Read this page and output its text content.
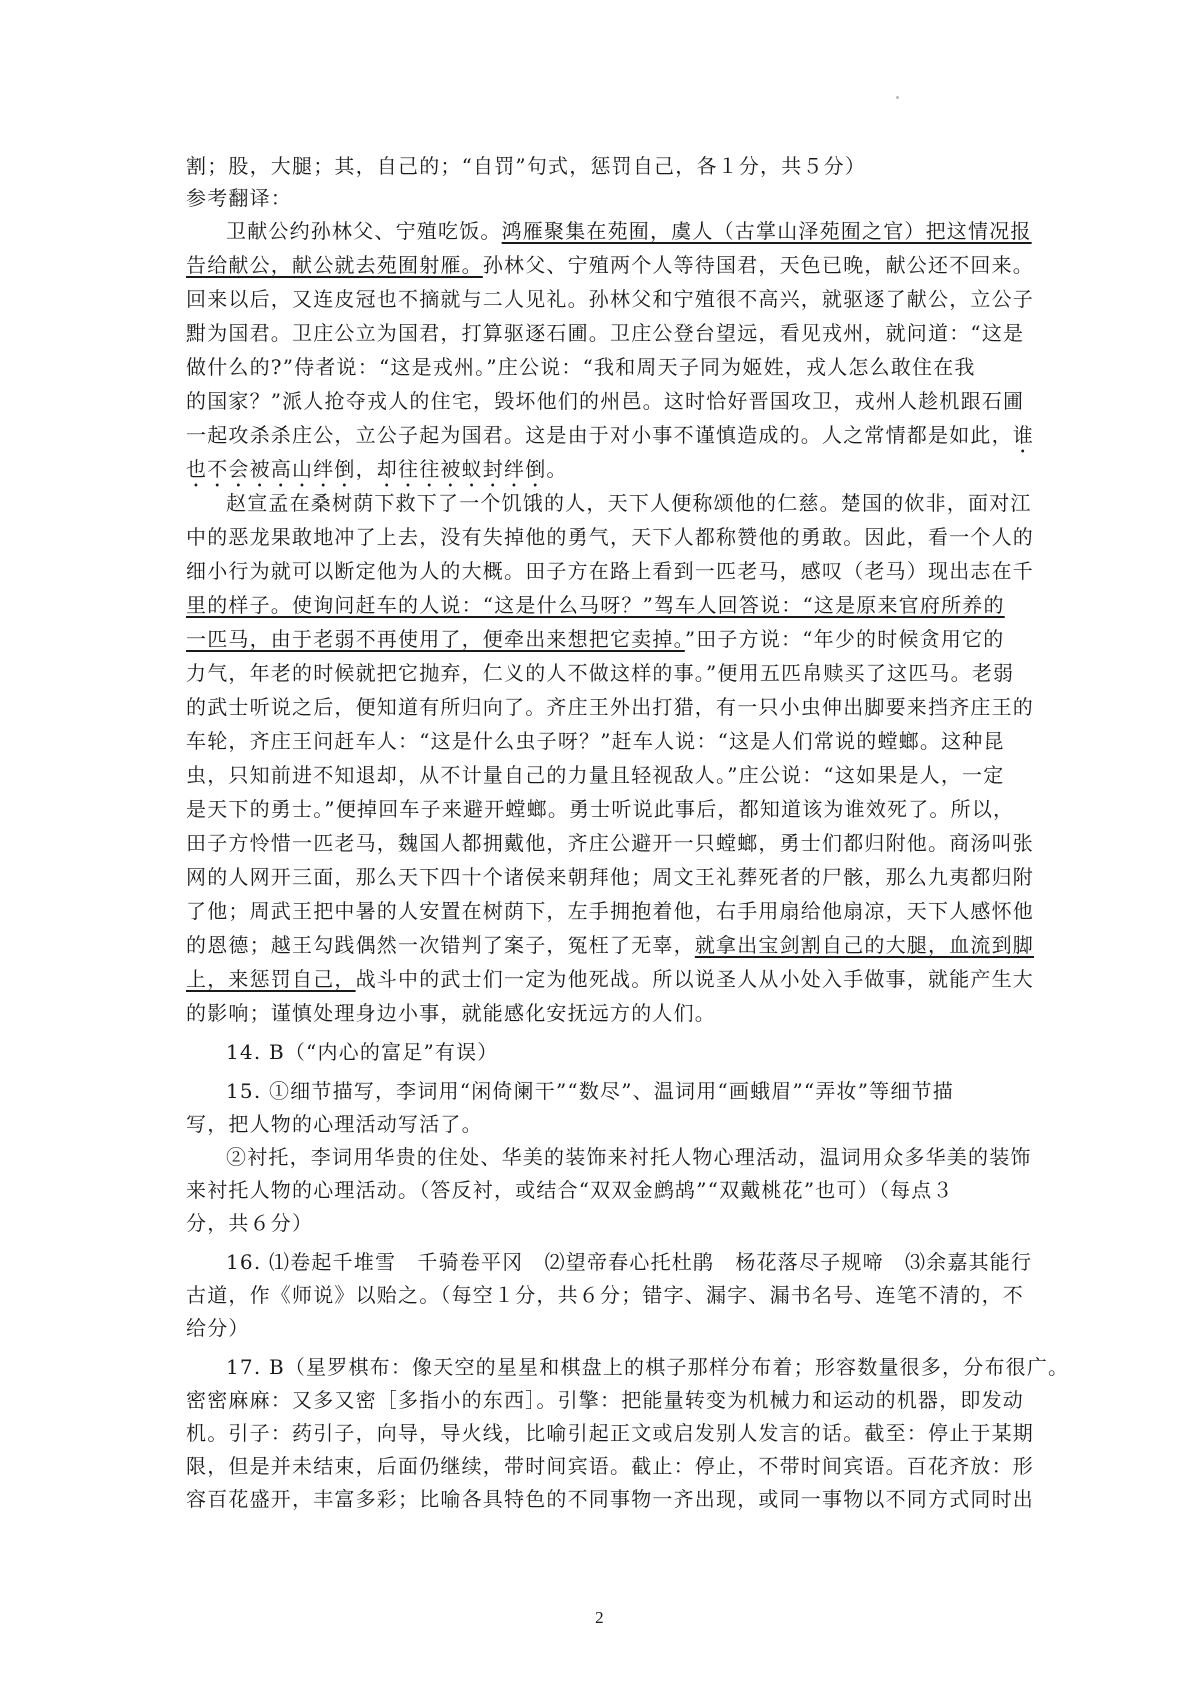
割；股，大腿；其，自己的；“自罚”句式，惩罚自己，各１分，共５分）
参考翻译：
卫献公约孙林父、宁殖吃饭。鸿雁聚集在苑囿，虞人（古掌山泽苑囿之官）把这情况报
告给献公，献公就去苑囿射雁。孙林父、宁殖两个人等待国君，天色已晚，献公还不回来。
回来以后，又连皮冠也不摘就与二人见礼。孙林父和宁殖很不高兴，就驱逐了献公，立公子
黚为国君。卫庄公立为国君，打算驱逐石圃。卫庄公登台望远，看见戎州，就问道：“这是
做什么的?”侍者说：“这是戎州。”庄公说：“我和周天子同为姬姓，戎人怎么敢住在我
的国家？”派人抢夺戎人的住宅，毁坏他们的州邑。这时恰好晋国攻卫，戎州人趁机跟石圃
一起攻杀杀庄公，立公子起为国君。这是由于对小事不谨慎造成的。人之常情都是如此，谁
也不会被高山绊倒，却往往被蚁封绊倒。
赵宣孟在桑树荫下救下了一个饥饿的人，天下人便称颂他的仁慈。楚国的佽非，面对江
中的恶龙果敢地冲了上去，没有失掉他的勇气，天下人都称赞他的勇敢。因此，看一个人的
细小行为就可以断定他为人的大概。田子方在路上看到一匹老马，感叹（老马）现出志在千
里的样子。使询问赶车的人说：“这是什么马呀？”驾车人回答说：“这是原来官府所养的
一匹马，由于老弱不再使用了，便牵出来想把它卖掉。”田子方说：“年少的时候贪用它的
力气，年老的时候就把它抛弃，仁义的人不做这样的事。”便用五匹帛赎买了这匹马。老弱
的武士听说之后，便知道有所归向了。齐庄王外出打猎，有一只小虫伸出脚要来挡齐庄王的
车轮，齐庄王问赶车人：“这是什么虫子呀？”赶车人说：“这是人们常说的螳螂。这种昆
虫，只知前进不知退却，从不计量自己的力量且轻视敌人。”庄公说：“这如果是人，一定
是天下的勇士。”便掉回车子来避开螳螂。勇士听说此事后，都知道该为谁效死了。所以，
田子方怜惜一匹老马，魏国人都拥戴他，齐庄公避开一只螳螂，勇士们都归附他。商汤叫张
网的人网开三面，那么天下四十个诸侯来朝拜他；周文王礼葬死者的尸骸，那么九夷都归附
了他；周武王把中暑的人安置在树荫下，左手拥抱着他，右手用扇给他扇凉，天下人感怀他
的恩德；越王勾践偶然一次错判了案子，冤枉了无辜，就拿出宝剑割自己的大腿，血流到脚
上，来惩罚自己，战斗中的武士们一定为他死战。所以说圣人从小处入手做事，就能产生大
的影响；谨慎处理身边小事，就能感化安抚远方的人们。
14. B（“内心的富足”有误）
15. ①细节描写，李词用“闲倚阑干”“数尽”、温词用“画蛾眉”“弄妆”等细节描
写，把人物的心理活动写活了。
②衬托，李词用华贵的住处、华美的装饰来衬托人物心理活动，温词用众多华美的装饰
来衬托人物的心理活动。（答反衬，或结合“双双金鹧鸪”“双戴桃花”也可）（每点３
分，共６分）
16. ⑴卷起千堆雪　千骑卷平冈　⑵望帝春心托杜鹃　杨花落尽子规啼　⑶余嘉其能行
古道，作《师说》以贻之。（每空１分，共６分；错字、漏字、漏书名号、连笔不清的，不
给分）
17. B（星罗棋布：像天空的星星和棋盘上的棋子那样分布着；形容数量很多，分布很广。
密密麻麻：又多又密［多指小的东西］。引擎：把能量转变为机械力和运动的机器，即发动
机。引子：药引子，向导，导火线，比喻引起正文或启发别人发言的话。截至：停止于某期
限，但是并未结束，后面仍继续，带时间宾语。截止：停止，不带时间宾语。百花齐放：形
容百花盛开，丰富多彩；比喻各具特色的不同事物一齐出现，或同一事物以不同方式同时出
2
